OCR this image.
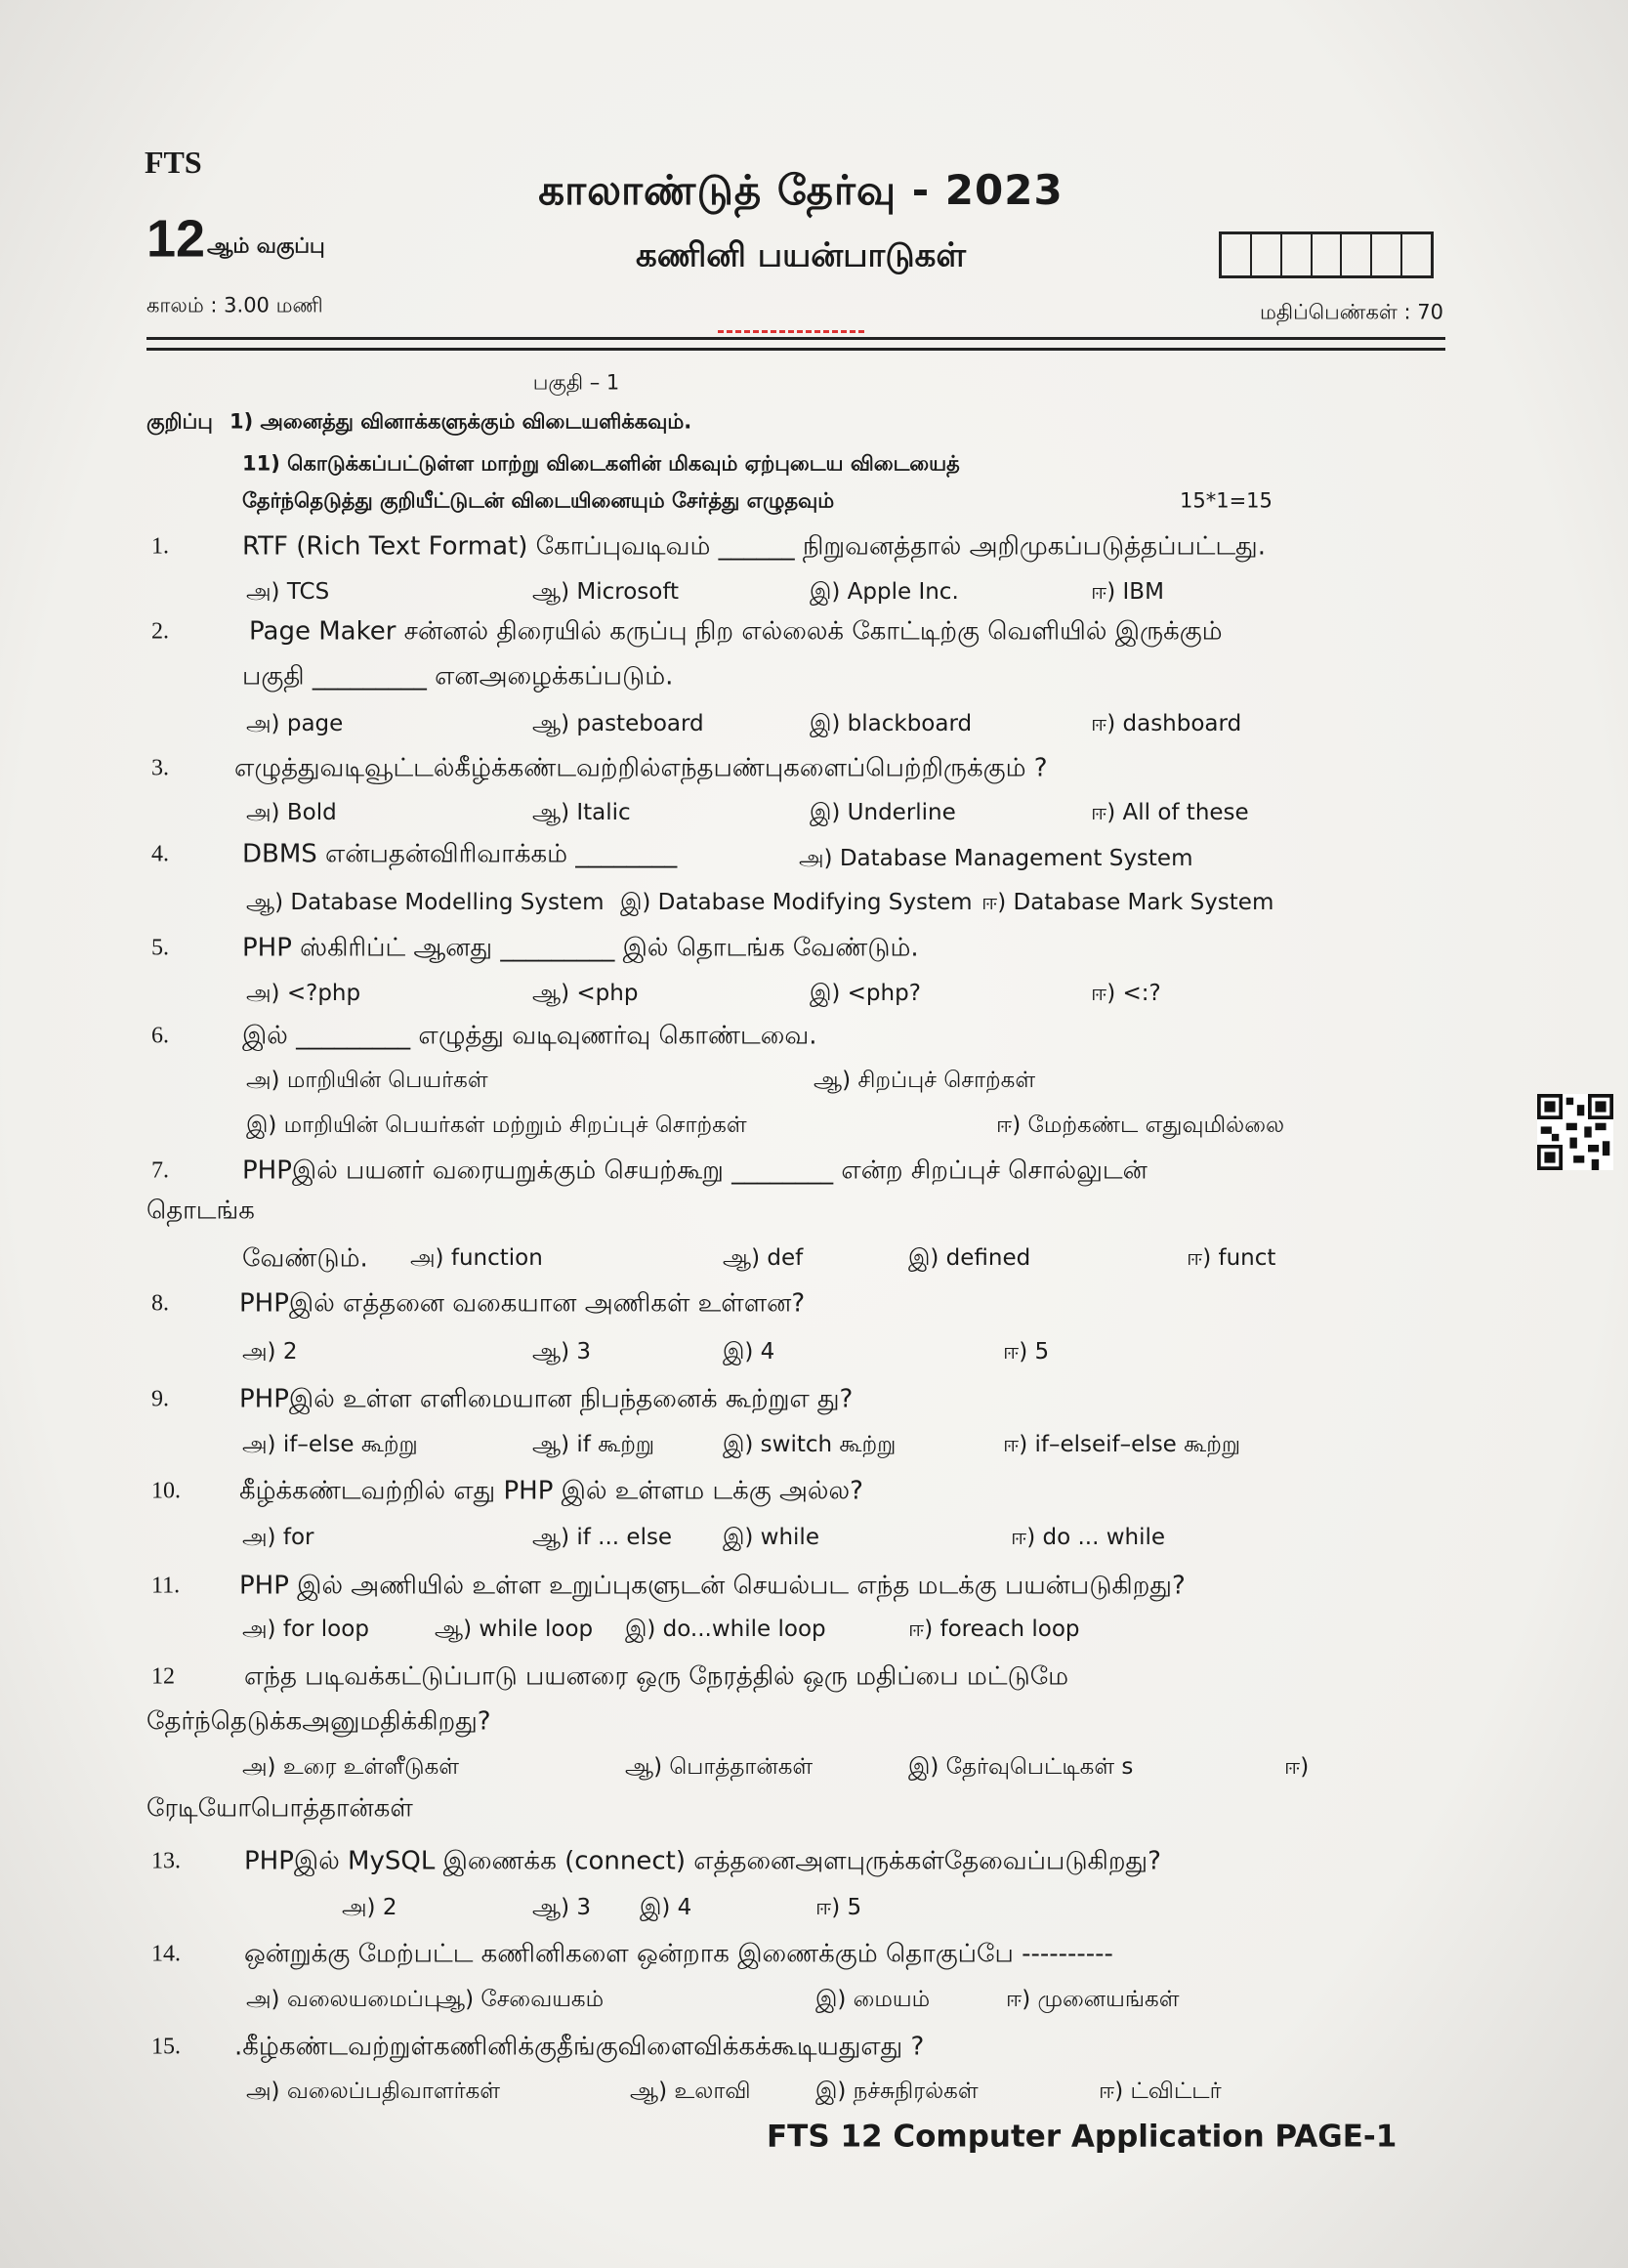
FTS
காலாண்டுத் தேர்வு - 2023
12 ஆம் வகுப்பு	கணினி பயன்பாடுகள்
காலம் : 3.00 மணி	மதிப்பெண்கள் : 70
பகுதி – 1
குறிப்பு 1) அனைத்து வினாக்களுக்கும் விடையளிக்கவும்.
11) கொடுக்கப்பட்டுள்ள மாற்று விடைகளின் மிகவும் ஏற்புடைய விடையைத்
தேர்ந்தெடுத்து குறியீட்டுடன் விடையினையும் சேர்த்து எழுதவும்	15*1=15
FTS 12 Computer Application PAGE-1
1.	RTF (Rich Text Format) கோப்புவடிவம் ______ நிறுவனத்தால் அறிமுகப்படுத்தப்பட்டது.
அ) TCS	ஆ) Microsoft	இ) Apple Inc.	ஈ) IBM
2.	Page Maker சன்னல் திரையில் கருப்பு நிற எல்லைக் கோட்டிற்கு வெளியில் இருக்கும்
பகுதி _________ எனஅழைக்கப்படும்.
அ) page	ஆ) pasteboard	இ) blackboard	ஈ) dashboard
3.	எழுத்துவடிவூட்டல்கீழ்க்கண்டவற்றில்எந்தபண்புகளைப்பெற்றிருக்கும் ?
அ) Bold	ஆ) Italic	இ) Underline	ஈ) All of these
4.	DBMS என்பதன்விரிவாக்கம் ________	அ) Database Management System
ஆ) Database Modelling System இ) Database Modifying System ஈ) Database Mark System
5.	PHP ஸ்கிரிப்ட் ஆனது _________ இல் தொடங்க வேண்டும்.
அ) <?php	ஆ) <php	இ) <php?	ஈ) <:?
6.	இல் _________ எழுத்து வடிவுணர்வு கொண்டவை.
அ) மாறியின் பெயர்கள்	ஆ) சிறப்புச் சொற்கள்
இ) மாறியின் பெயர்கள் மற்றும் சிறப்புச் சொற்கள்	ஈ) மேற்கண்ட எதுவுமில்லை
7.	PHPஇல் பயனர் வரையறுக்கும் செயற்கூறு ________ என்ற சிறப்புச் சொல்லுடன்
தொடங்க
வேண்டும். அ) function	ஆ) def	இ) defined	ஈ) funct
8.	PHPஇல் எத்தனை வகையான அணிகள் உள்ளன?
அ) 2	ஆ) 3	இ) 4	ஈ) 5
9.	PHPஇல் உள்ள எளிமையான நிபந்தனைக் கூற்றுஎ து?
அ) if–else கூற்று	ஆ) if கூற்று	இ) switch கூற்று	ஈ) if–elseif–else கூற்று
10. கீழ்க்கண்டவற்றில் எது PHP இல் உள்ளம டக்கு அல்ல?
அ) for	ஆ) if ... else இ) while	ஈ) do ... while
11. PHP இல் அணியில் உள்ள உறுப்புகளுடன் செயல்பட எந்த மடக்கு பயன்படுகிறது?
அ) for loop	ஆ) while loop இ) do...while loop	ஈ) foreach loop
12	எந்த படிவக்கட்டுப்பாடு பயனரை ஒரு நேரத்தில் ஒரு மதிப்பை மட்டுமே
தேர்ந்தெடுக்கஅனுமதிக்கிறது?
ரேடியோபொத்தான்கள்
அ) உரை உள்ளீடுகள்	ஆ) பொத்தான்கள்	இ) தேர்வுபெட்டிகள் s	ஈ)
13.	PHPஇல் MySQL இணைக்க (connect) எத்தனைஅளபுருக்கள்தேவைப்படுகிறது?
அ) 2	ஆ) 3 இ) 4	ஈ) 5
14.	ஒன்றுக்கு மேற்பட்ட கணினிகளை ஒன்றாக இணைக்கும் தொகுப்பே ----------
அ) வலையமைப்பு
ஆ) சேவையகம்	இ) மையம்	ஈ) முனையங்கள்
15. .கீழ்கண்டவற்றுள்கணினிக்குதீங்குவிளைவிக்கக்கூடியதுஎது ?
அ) வலைப்பதிவாளர்கள்	ஆ) உலாவி	இ) நச்சுநிரல்கள்	ஈ) ட்விட்டர்
